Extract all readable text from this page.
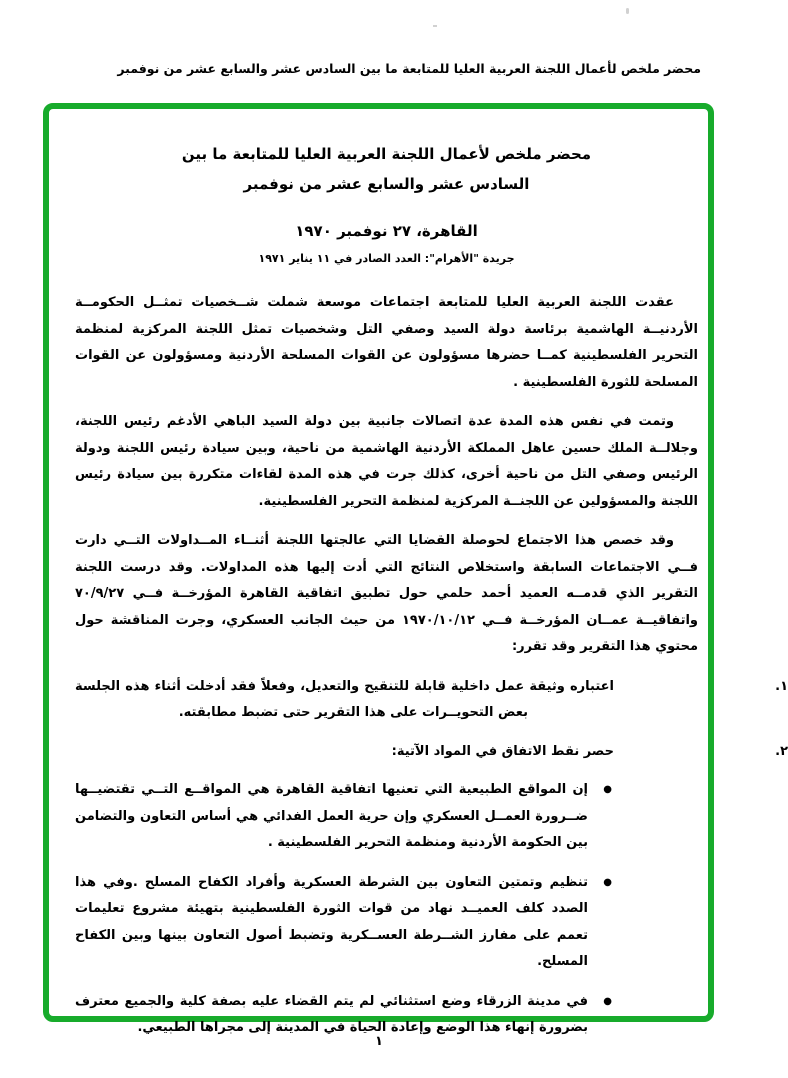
محضر ملخص لأعمال اللجنة العربية العليا للمتابعة ما بين السادس عشر والسابع عشر من نوفمبر
محضر ملخص لأعمال اللجنة العربية العليا للمتابعة ما بين
السادس عشر والسابع عشر من نوفمبر
القاهرة، ٢٧ نوفمبر ١٩٧٠
جريدة "الأهرام": العدد الصادر في ١١ يناير ١٩٧١

عقدت اللجنة العربية العليا للمتابعة اجتماعات موسعة شملت شــخصيات تمثــل الحكومــة الأردنيــة الهاشمية برئاسة دولة السيد وصفي التل وشخصيات تمثل اللجنة المركزية لمنظمة التحرير الفلسطينية كمــا حضرها مسؤولون عن القوات المسلحة الأردنية ومسؤولون عن القوات المسلحة للثورة الفلسطينية .

وتمت في نفس هذه المدة عدة اتصالات جانبية بين دولة السيد الباهي الأدغم رئيس اللجنة، وجلالــة الملك حسين عاهل المملكة الأردنية الهاشمية من ناحية، وبين سيادة رئيس اللجنة ودولة الرئيس وصفي التل من ناحية أخرى، كذلك جرت في هذه المدة لقاءات متكررة بين سيادة رئيس اللجنة والمسؤولين عن اللجنــة المركزية لمنظمة التحرير الفلسطينية.

وقد خصص هذا الاجتماع لحوصلة القضايا التي عالجتها اللجنة أثنــاء المــداولات التــي دارت فــي الاجتماعات السابقة واستخلاص النتائج التي أدت إليها هذه المداولات. وقد درست اللجنة التقرير الذي قدمــه العميد أحمد حلمي حول تطبيق اتفاقية القاهرة المؤرخــة فــي ٧٠/٩/٢٧ واتفاقيــة عمــان المؤرخــة فــي ١٩٧٠/١٠/١٢ من حيث الجانب العسكري، وجرت المناقشة حول محتوي هذا التقرير وقد تقرر:

١.اعتباره وثيقة عمل داخلية قابلة للتنقيح والتعديل، وفعلاً فقد أدخلت أثناء هذه الجلسة بعض التحويــرات على هذا التقرير حتى تضبط مطابقته.
٢.حصر نقط الاتفاق في المواد الآتية:
●
إن المواقع الطبيعية التي تعنيها اتفاقية القاهرة هي المواقــع التــي تقتضيــها ضــرورة العمــل العسكري وإن حرية العمل الفدائي هي أساس التعاون والتضامن بين الحكومة الأردنية ومنظمة التحرير الفلسطينية .
●
تنظيم وتمتين التعاون بين الشرطة العسكرية وأفراد الكفاح المسلح .وفي هذا الصدد كلف العميــد نهاد من قوات الثورة الفلسطينية بتهيئة مشروع تعليمات تعمم على مفارز الشــرطة العســكرية وتضبط أصول التعاون بينها وبين الكفاح المسلح.
●
في مدينة الزرقاء وضع استثنائي لم يتم القضاء عليه بصفة كلية والجميع معترف بضرورة إنهاء هذا الوضع وإعادة الحياة في المدينة إلى مجراها الطبيعي.
١
